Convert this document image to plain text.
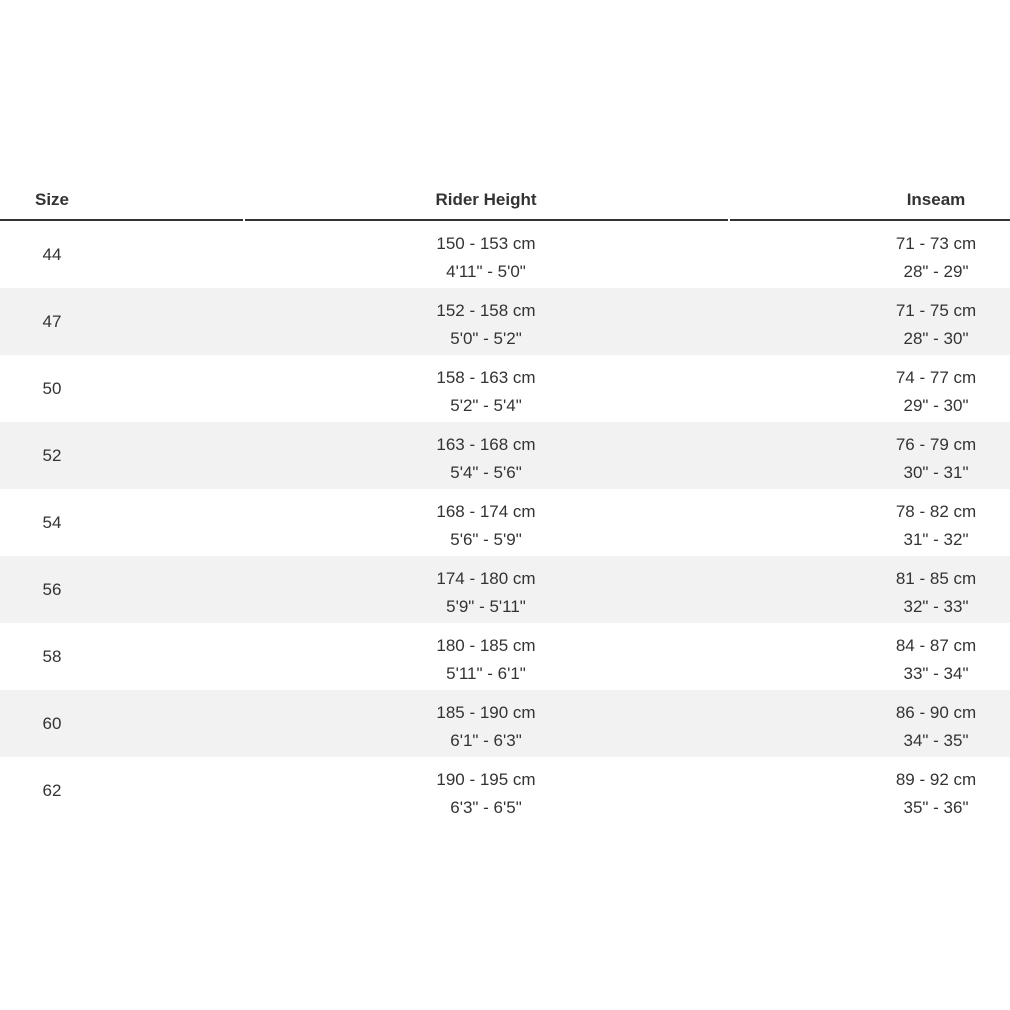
Size	Rider Height	Inseam
44
150 - 153 cm
4'11" - 5'0"
71 - 73 cm
28" - 29"
47
152 - 158 cm
5'0" - 5'2"
71 - 75 cm
28" - 30"
50
158 - 163 cm
5'2" - 5'4"
74 - 77 cm
29" - 30"
52
163 - 168 cm
5'4" - 5'6"
76 - 79 cm
30" - 31"
54
168 - 174 cm
5'6" - 5'9"
78 - 82 cm
31" - 32"
56
174 - 180 cm
5'9" - 5'11"
81 - 85 cm
32" - 33"
58
180 - 185 cm
5'11" - 6'1"
84 - 87 cm
33" - 34"
60
185 - 190 cm
6'1" - 6'3"
86 - 90 cm
34" - 35"
62
190 - 195 cm
6'3" - 6'5"
89 - 92 cm
35" - 36"
